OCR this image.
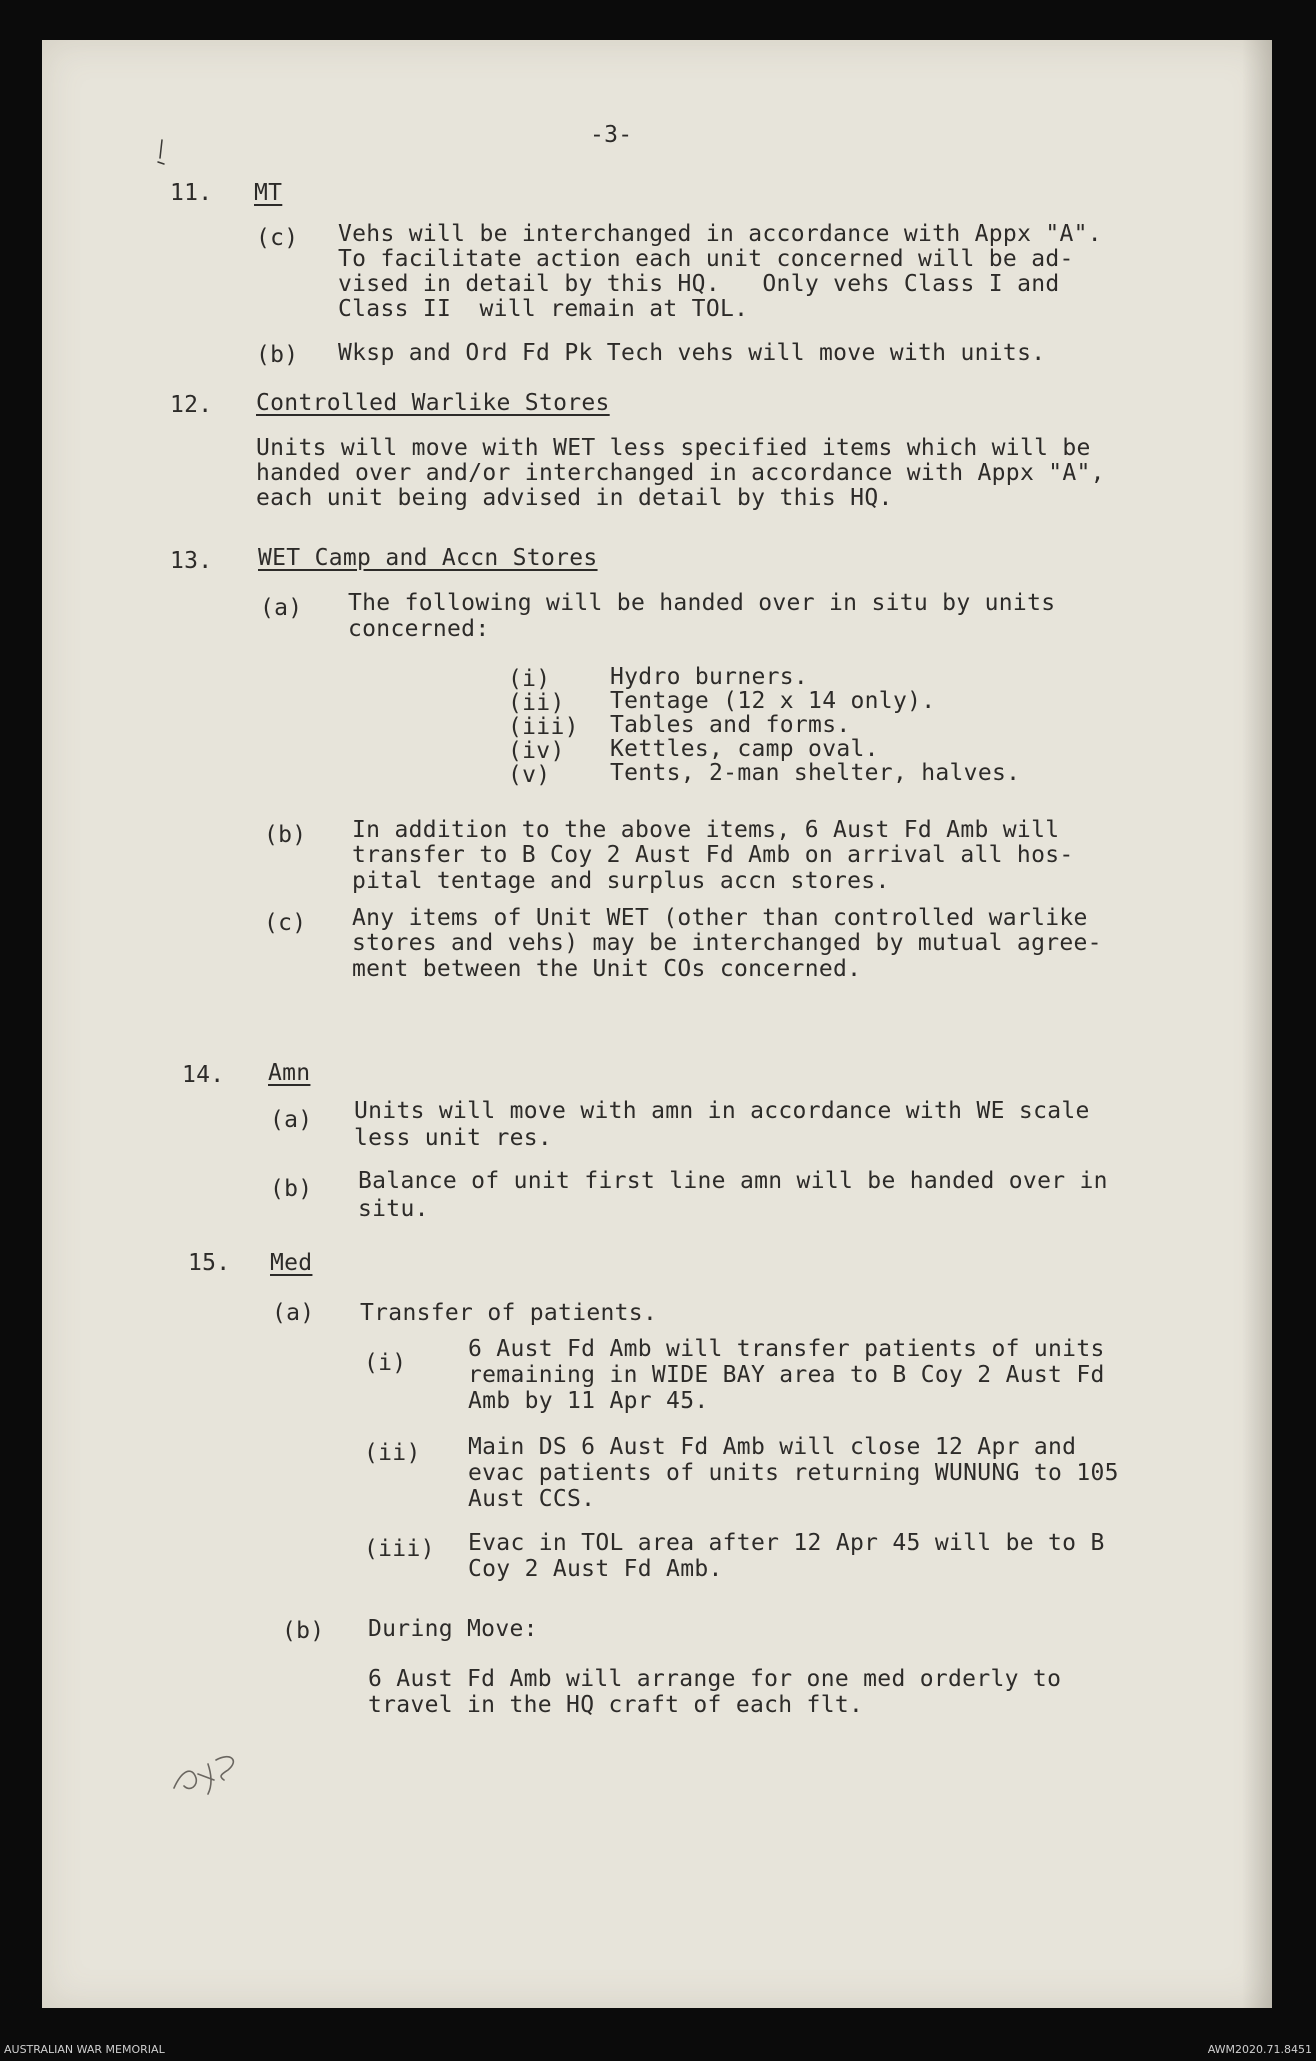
-3-
11. MT
(c) Vehs will be interchanged in accordance with Appx "A".
To facilitate action each unit concerned will be ad-
vised in detail by this HQ.   Only vehs Class I and
Class II  will remain at TOL.
(b) Wksp and Ord Fd Pk Tech vehs will move with units.
12. Controlled Warlike Stores
Units will move with WET less specified items which will be
handed over and/or interchanged in accordance with Appx "A",
each unit being advised in detail by this HQ.
13. WET Camp and Accn Stores
(a) The following will be handed over in situ by units
concerned:
(i)	Hydro burners.
(ii) Tentage (12 x 14 only).
(iii) Tables and forms.
(iv) Kettles, camp oval.
(v)	Tents, 2-man shelter, halves.
(b) In addition to the above items, 6 Aust Fd Amb will
transfer to B Coy 2 Aust Fd Amb on arrival all hos-
pital tentage and surplus accn stores.
(c) Any items of Unit WET (other than controlled warlike
stores and vehs) may be interchanged by mutual agree-
ment between the Unit COs concerned.
14. Amn
(a) Units will move with amn in accordance with WE scale
less unit res.
(b) Balance of unit first line amn will be handed over in
situ.
15. Med
(a) Transfer of patients.
(i)
6 Aust Fd Amb will transfer patients of units
remaining in WIDE BAY area to B Coy 2 Aust Fd
Amb by 11 Apr 45.
(ii) Main DS 6 Aust Fd Amb will close 12 Apr and
evac patients of units returning WUNUNG to 105
Aust CCS.
(iii) Evac in TOL area after 12 Apr 45 will be to B
Coy 2 Aust Fd Amb.
(b) During Move:
6 Aust Fd Amb will arrange for one med orderly to
travel in the HQ craft of each flt.
AUSTRALIAN WAR MEMORIAL	AWM2020.71.8451
